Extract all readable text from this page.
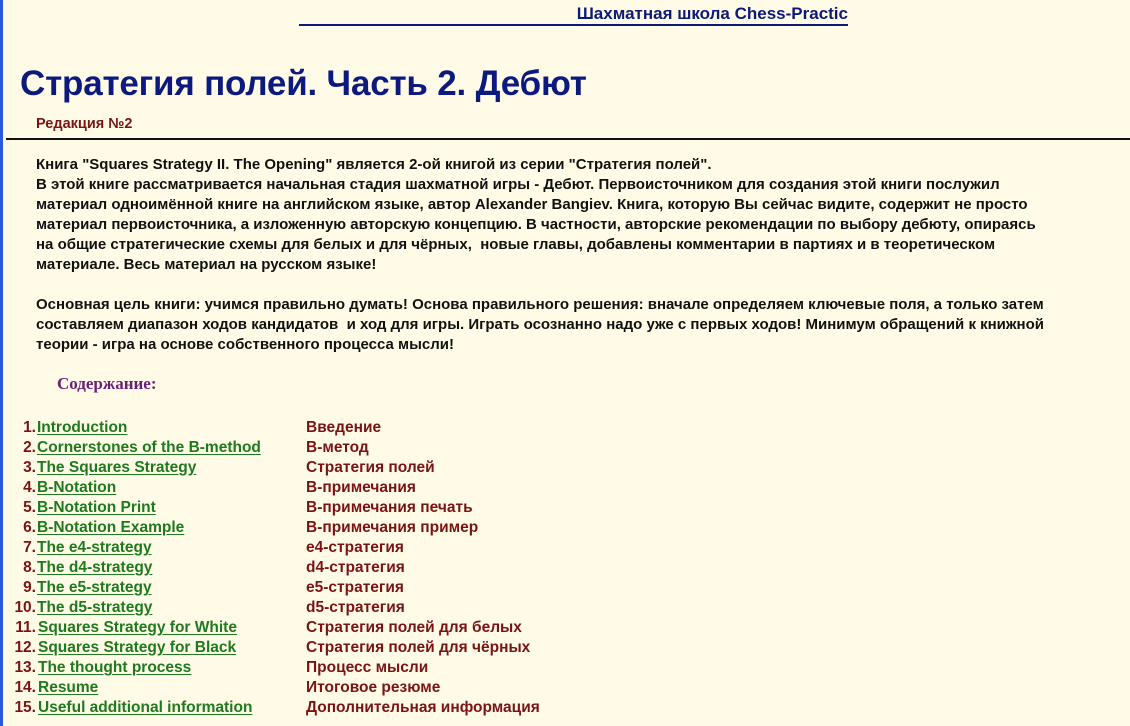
Шахматная школа Chess-Practic
Стратегия полей. Часть 2. Дебют
Редакция №2
Книга "Squares Strategy II. The Opening" является 2-ой книгой из серии "Стратегия полей".
В этой книге рассматривается начальная стадия шахматной игры - Дебют. Первоисточником для создания этой книги послужил
материал одноимённой книге на английском языке, автор Alexander Bangiev. Книга, которую Вы сейчас видите, содержит не просто
материал первоисточника, а изложенную авторскую концепцию. В частности, авторские рекомендации по выбору дебюту, опираясь
на общие стратегические схемы для белых и для чёрных,  новые главы, добавлены комментарии в партиях и в теоретическом
материале. Весь материал на русском языке!
Основная цель книги: учимся правильно думать! Основа правильного решения: вначале определяем ключевые поля, а только затем
составляем диапазон ходов кандидатов  и ход для игры. Играть осознанно надо уже с первых ходов! Минимум обращений к книжной
теории - игра на основе собственного процесса мысли!
Содержание:
1. Introduction	Введение
2. Cornerstones of the B-method	B-метод
3. The Squares Strategy	Стратегия полей
4. B-Notation	B-примечания
5. B-Notation Print	B-примечания печать
6. B-Notation Example	B-примечания пример
7. The e4-strategy	e4-стратегия
8. The d4-strategy	d4-стратегия
9. The e5-strategy	e5-стратегия
10. The d5-strategy	d5-стратегия
11. Squares Strategy for White	Стратегия полей для белых
12. Squares Strategy for Black	Стратегия полей для чёрных
13. The thought process	Процесс мысли
14. Resume	Итоговое резюме
15. Useful additional information	Дополнительная информация
